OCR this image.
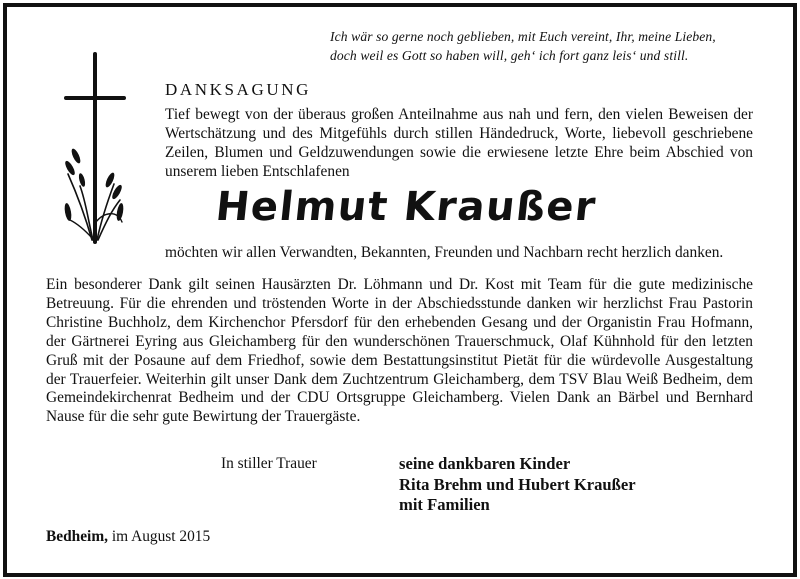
Ich wär so gerne noch geblieben, mit Euch vereint, Ihr, meine Lieben,
doch weil es Gott so haben will, geh‘ ich fort ganz leis‘ und still.
DANKSAGUNG
Tief bewegt von der überaus großen Anteilnahme aus nah und fern, den vielen Beweisen der Wertschätzung und des Mitgefühls durch stillen Händedruck, Worte, liebevoll geschriebene Zeilen, Blumen und Geldzuwendungen sowie die erwiesene letzte Ehre beim Abschied von unserem lieben Entschlafenen
Helmut Kraußer
möchten wir allen Verwandten, Bekannten, Freunden und Nachbarn recht herzlich danken.
Ein besonderer Dank gilt seinen Hausärzten Dr. Löhmann und Dr. Kost mit Team für die gute medizinische Betreuung. Für die ehrenden und tröstenden Worte in der Abschiedsstunde danken wir herzlichst Frau Pastorin Christine Buchholz, dem Kirchenchor Pfersdorf für den erhebenden Gesang und der Organistin Frau Hofmann, der Gärtnerei Eyring aus Gleichamberg für den wunderschönen Trauerschmuck, Olaf Kühnhold für den letzten Gruß mit der Posaune auf dem Friedhof, sowie dem Bestattungsinstitut Pietät für die würdevolle Ausgestaltung der Trauerfeier. Weiterhin gilt unser Dank dem Zuchtzentrum Gleichamberg, dem TSV Blau Weiß Bedheim, dem Gemeindekirchenrat Bedheim und der CDU Ortsgruppe Gleichamberg. Vielen Dank an Bärbel und Bernhard Nause für die sehr gute Bewirtung der Trauergäste.
In stiller Trauer	seine dankbaren Kinder
Rita Brehm und Hubert Kraußer
mit Familien
Bedheim, im August 2015
